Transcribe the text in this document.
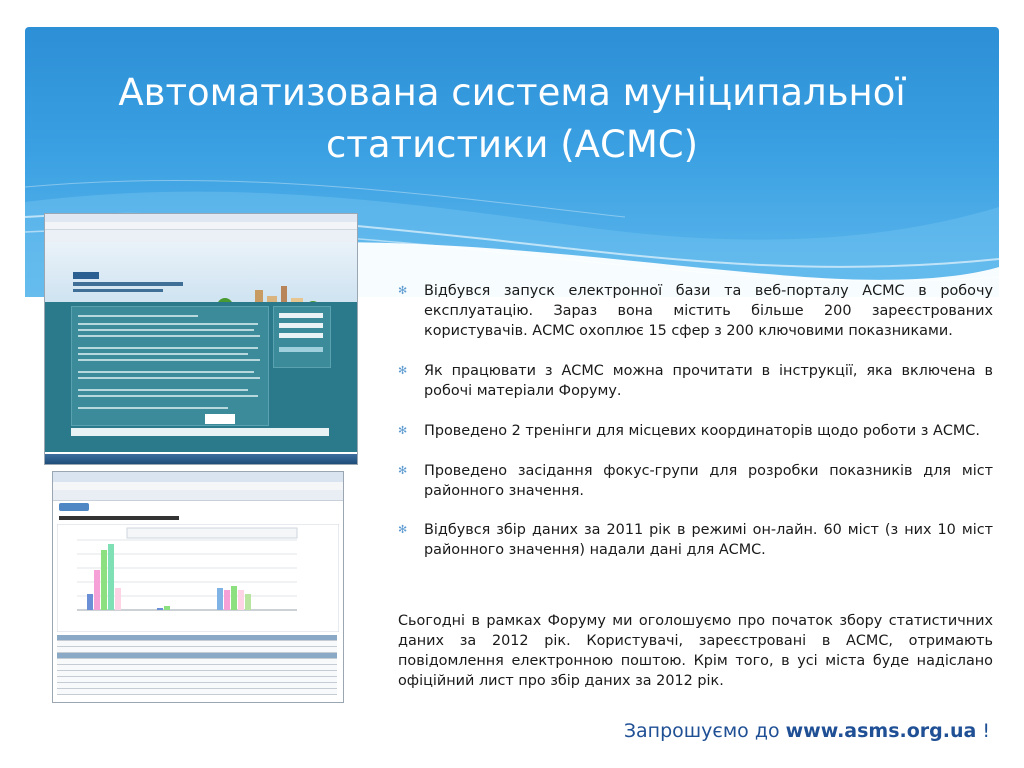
Автоматизована система муніципальної
статистики (АСМС)
✻ Відбувся запуск електронної бази та веб-порталу АСМС в робочу експлуатацію. Зараз вона містить більше 200 зареєстрованих користувачів. АСМС охоплює 15 сфер з 200 ключовими показниками.
✻ Як працювати з АСМС можна прочитати в інструкції, яка включена в робочі матеріали Форуму.
✻ Проведено 2 тренінги для місцевих координаторів щодо роботи з АСМС.
✻ Проведено засідання фокус-групи для розробки показників для міст районного значення.
✻ Відбувся збір даних за 2011 рік в режимі он-лайн. 60 міст (з них 10 міст районного значення) надали дані для АСМС.

Сьогодні в рамках Форуму ми оголошуємо про початок збору статистичних даних за 2012 рік. Користувачі, зареєстровані в АСМС, отримають повідомлення електронною поштою. Крім того, в усі міста буде надіслано офіційний лист про збір даних за 2012 рік.

Запрошуємо до www.asms.org.ua !
